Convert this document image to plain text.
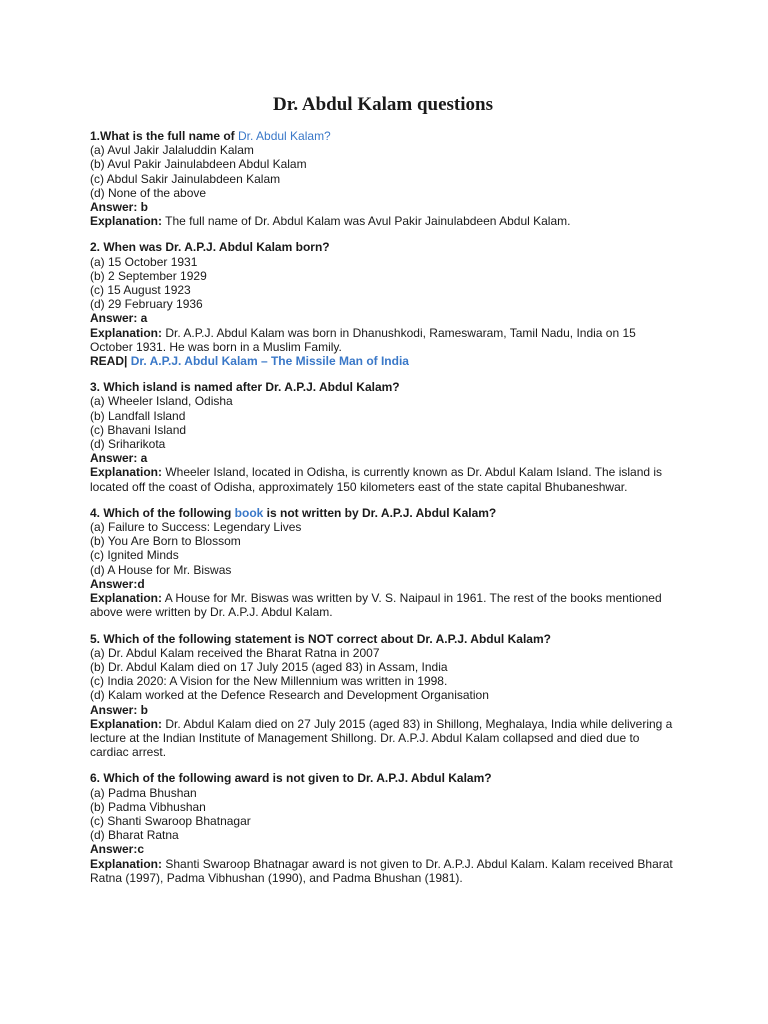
Dr. Abdul Kalam questions
1.What is the full name of Dr. Abdul Kalam?
(a) Avul Jakir Jalaluddin Kalam
(b) Avul Pakir Jainulabdeen Abdul Kalam
(c) Abdul Sakir Jainulabdeen Kalam
(d) None of the above
Answer: b
Explanation: The full name of Dr. Abdul Kalam was Avul Pakir Jainulabdeen Abdul Kalam.
2. When was Dr. A.P.J. Abdul Kalam born?
(a) 15 October 1931
(b) 2 September 1929
(c) 15 August 1923
(d) 29 February 1936
Answer: a
Explanation: Dr. A.P.J. Abdul Kalam was born in Dhanushkodi, Rameswaram, Tamil Nadu, India on 15 October 1931. He was born in a Muslim Family.
READ| Dr. A.P.J. Abdul Kalam – The Missile Man of India
3. Which island is named after Dr. A.P.J. Abdul Kalam?
(a) Wheeler Island, Odisha
(b) Landfall Island
(c) Bhavani Island
(d) Sriharikota
Answer: a
Explanation: Wheeler Island, located in Odisha, is currently known as Dr. Abdul Kalam Island. The island is located off the coast of Odisha, approximately 150 kilometers east of the state capital Bhubaneshwar.
4. Which of the following book is not written by Dr. A.P.J. Abdul Kalam?
(a) Failure to Success: Legendary Lives
(b) You Are Born to Blossom
(c) Ignited Minds
(d) A House for Mr. Biswas
Answer:d
Explanation: A House for Mr. Biswas was written by V. S. Naipaul in 1961. The rest of the books mentioned above were written by Dr. A.P.J. Abdul Kalam.
5. Which of the following statement is NOT correct about Dr. A.P.J. Abdul Kalam?
(a) Dr. Abdul Kalam received the Bharat Ratna in 2007
(b) Dr. Abdul Kalam died on 17 July 2015 (aged 83) in Assam, India
(c) India 2020: A Vision for the New Millennium was written in 1998.
(d) Kalam worked at the Defence Research and Development Organisation
Answer: b
Explanation: Dr. Abdul Kalam died on 27 July 2015 (aged 83) in Shillong, Meghalaya, India while delivering a lecture at the Indian Institute of Management Shillong. Dr. A.P.J. Abdul Kalam collapsed and died due to cardiac arrest.
6. Which of the following award is not given to Dr. A.P.J. Abdul Kalam?
(a) Padma Bhushan
(b) Padma Vibhushan
(c) Shanti Swaroop Bhatnagar
(d) Bharat Ratna
Answer:c
Explanation: Shanti Swaroop Bhatnagar award is not given to Dr. A.P.J. Abdul Kalam. Kalam received Bharat Ratna (1997), Padma Vibhushan (1990), and Padma Bhushan (1981).
